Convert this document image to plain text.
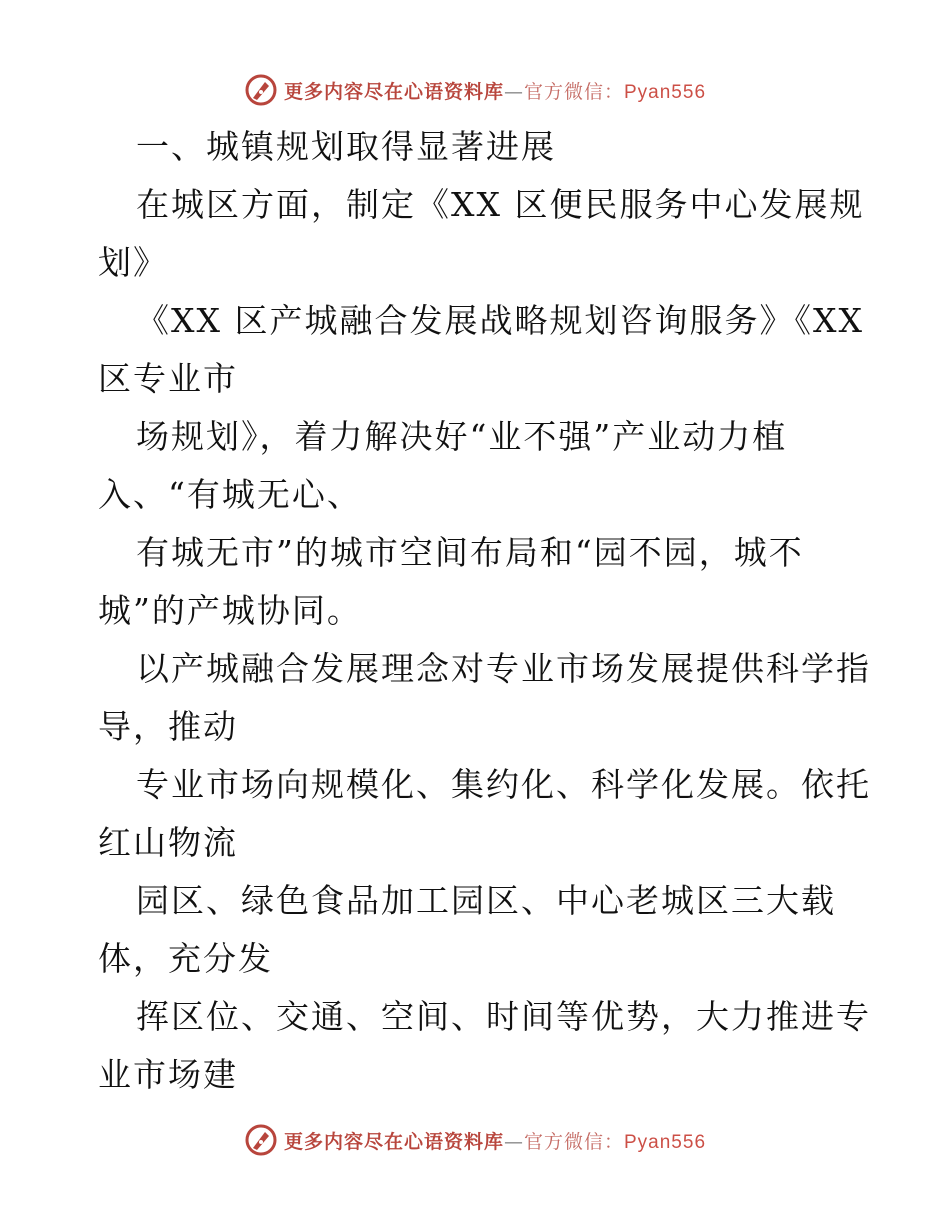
更多内容尽在心语资料库—官方微信：Pyan556
一、城镇规划取得显著进展
在城区方面，制定《XX 区便民服务中心发展规
划》
《XX 区产城融合发展战略规划咨询服务》《XX
区专业市
场规划》，着力解决好“业不强”产业动力植
入、“有城无心、
有城无市”的城市空间布局和“园不园，城不
城”的产城协同。
以产城融合发展理念对专业市场发展提供科学指
导，推动
专业市场向规模化、集约化、科学化发展。依托
红山物流
园区、绿色食品加工园区、中心老城区三大载
体，充分发
挥区位、交通、空间、时间等优势，大力推进专
业市场建
更多内容尽在心语资料库—官方微信：Pyan556
